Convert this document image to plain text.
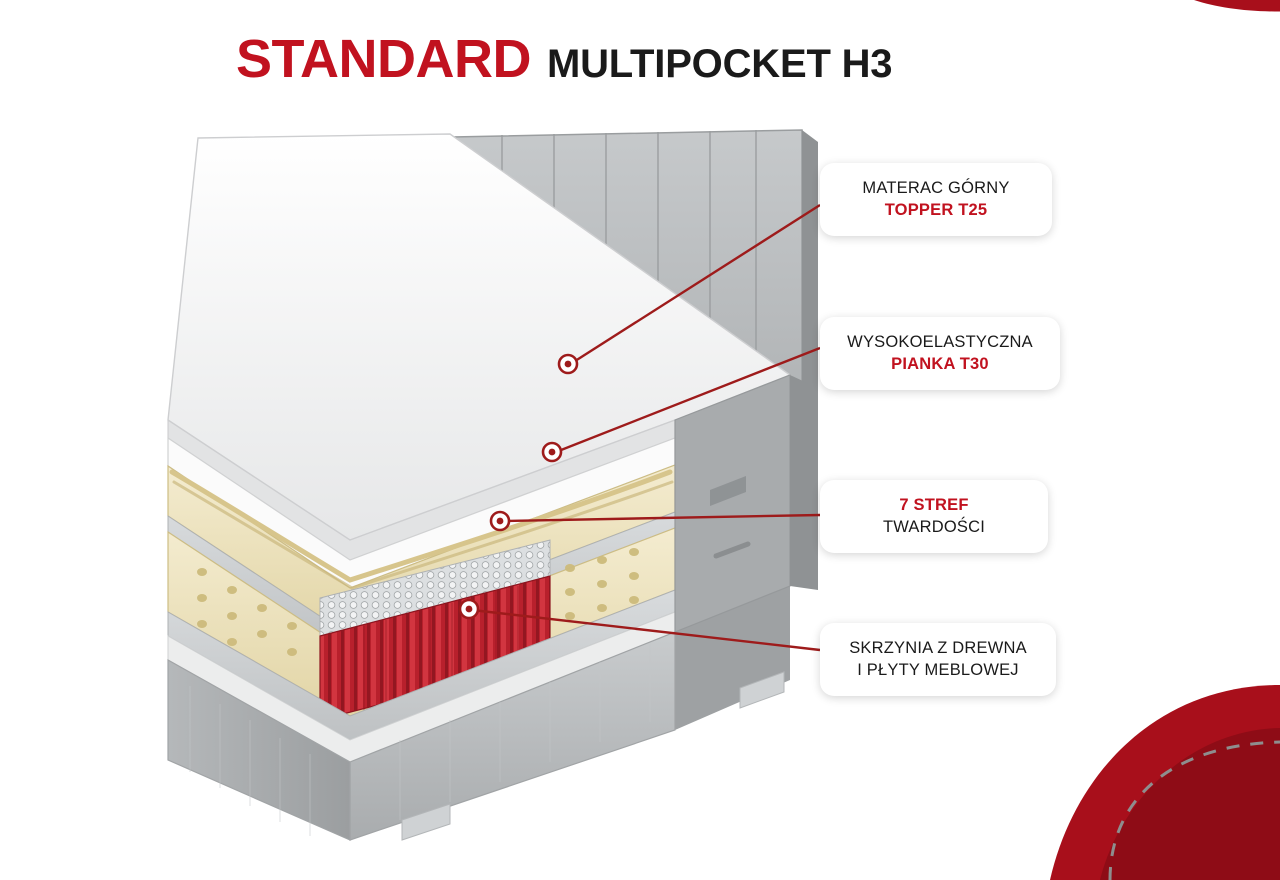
STANDARD MULTIPOCKET H3
MATERAC GÓRNY
TOPPER T25
WYSOKOELASTYCZNA
PIANKA T30
7 STREF
TWARDOŚCI
SKRZYNIA Z DREWNA
I PŁYTY MEBLOWEJ
